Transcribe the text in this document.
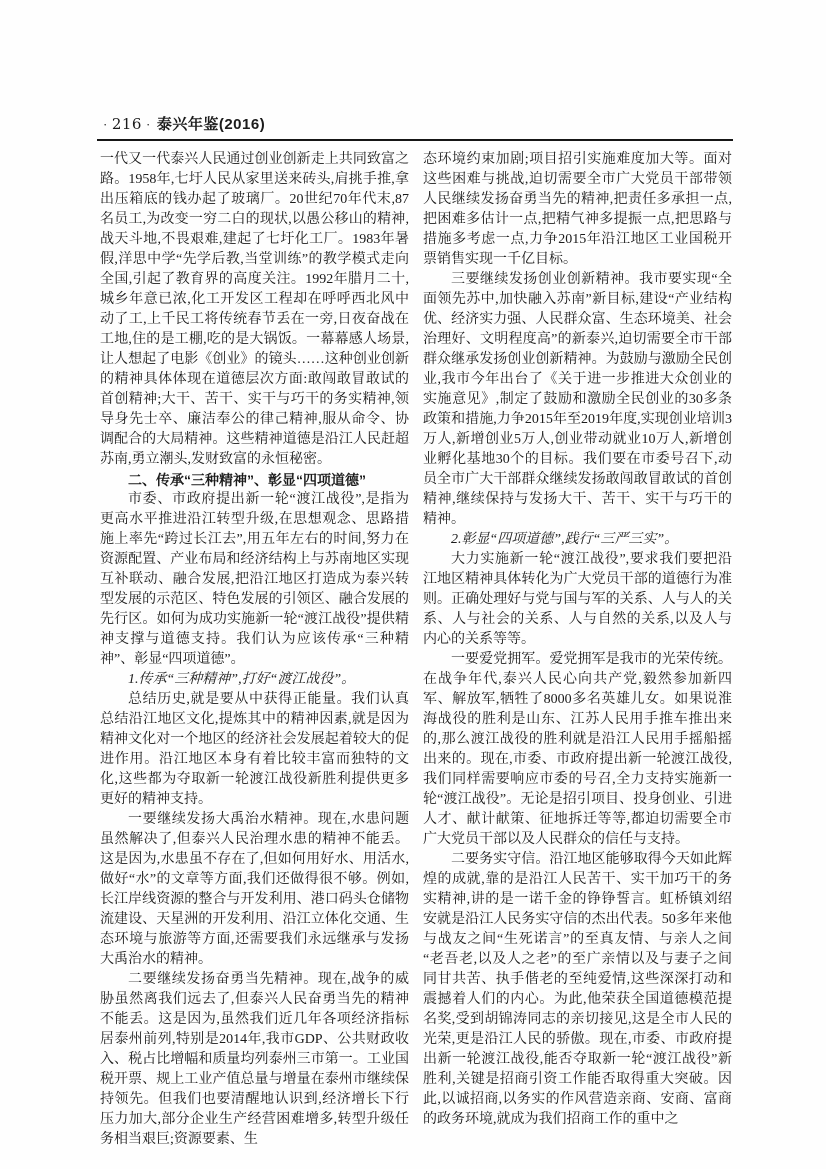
· 216 · 泰兴年鉴(2016)

一代又一代泰兴人民通过创业创新走上共同致富之路。1958年,七圩人民从家里送来砖头,肩挑手推,拿出压箱底的钱办起了玻璃厂。20世纪70年代末,87名员工,为改变一穷二白的现状,以愚公移山的精神,战天斗地,不畏艰难,建起了七圩化工厂。1983年暑假,洋思中学“先学后教,当堂训练”的教学模式走向全国,引起了教育界的高度关注。1992年腊月二十,城乡年意已浓,化工开发区工程却在呼呼西北风中动了工,上千民工将传统春节丢在一旁,日夜奋战在工地,住的是工棚,吃的是大锅饭。一幕幕感人场景,让人想起了电影《创业》的镜头……这种创业创新的精神具体体现在道德层次方面:敢闯敢冒敢试的首创精神;大干、苦干、实干与巧干的务实精神,领导身先士卒、廉洁奉公的律己精神,服从命令、协调配合的大局精神。这些精神道德是沿江人民赶超苏南,勇立潮头,发财致富的永恒秘密。

二、传承“三种精神”、彰显“四项道德”

市委、市政府提出新一轮“渡江战役”,是指为更高水平推进沿江转型升级,在思想观念、思路措施上率先“跨过长江去”,用五年左右的时间,努力在资源配置、产业布局和经济结构上与苏南地区实现互补联动、融合发展,把沿江地区打造成为泰兴转型发展的示范区、特色发展的引领区、融合发展的先行区。如何为成功实施新一轮“渡江战役”提供精神支撑与道德支持。我们认为应该传承“三种精神”、彰显“四项道德”。

1.传承“三种精神”,打好“渡江战役”。

总结历史,就是要从中获得正能量。我们认真总结沿江地区文化,提炼其中的精神因素,就是因为精神文化对一个地区的经济社会发展起着较大的促进作用。沿江地区本身有着比较丰富而独特的文化,这些都为夺取新一轮渡江战役新胜利提供更多更好的精神支持。

一要继续发扬大禹治水精神。现在,水患问题虽然解决了,但泰兴人民治理水患的精神不能丢。这是因为,水患虽不存在了,但如何用好水、用活水,做好“水”的文章等方面,我们还做得很不够。例如,长江岸线资源的整合与开发利用、港口码头仓储物流建设、天星洲的开发利用、沿江立体化交通、生态环境与旅游等方面,还需要我们永远继承与发扬大禹治水的精神。

二要继续发扬奋勇当先精神。现在,战争的威胁虽然离我们远去了,但泰兴人民奋勇当先的精神不能丢。这是因为,虽然我们近几年各项经济指标居泰州前列,特别是2014年,我市GDP、公共财政收入、税占比增幅和质量均列泰州三市第一。工业国税开票、规上工业产值总量与增量在泰州市继续保持领先。但我们也要清醒地认识到,经济增长下行压力加大,部分企业生产经营困难增多,转型升级任务相当艰巨;资源要素、生

态环境约束加剧;项目招引实施难度加大等。面对这些困难与挑战,迫切需要全市广大党员干部带领人民继续发扬奋勇当先的精神,把责任多承担一点,把困难多估计一点,把精气神多提振一点,把思路与措施多考虑一点,力争2015年沿江地区工业国税开票销售实现一千亿目标。

三要继续发扬创业创新精神。我市要实现“全面领先苏中,加快融入苏南”新目标,建设“产业结构优、经济实力强、人民群众富、生态环境美、社会治理好、文明程度高”的新泰兴,迫切需要全市干部群众继承发扬创业创新精神。为鼓励与激励全民创业,我市今年出台了《关于进一步推进大众创业的实施意见》,制定了鼓励和激励全民创业的30多条政策和措施,力争2015年至2019年度,实现创业培训3万人,新增创业5万人,创业带动就业10万人,新增创业孵化基地30个的目标。我们要在市委号召下,动员全市广大干部群众继续发扬敢闯敢冒敢试的首创精神,继续保持与发扬大干、苦干、实干与巧干的精神。

2.彰显“四项道德”,践行“三严三实”。

大力实施新一轮“渡江战役”,要求我们要把沿江地区精神具体转化为广大党员干部的道德行为准则。正确处理好与党与国与军的关系、人与人的关系、人与社会的关系、人与自然的关系,以及人与内心的关系等等。

一要爱党拥军。爱党拥军是我市的光荣传统。在战争年代,泰兴人民心向共产党,毅然参加新四军、解放军,牺牲了8000多名英雄儿女。如果说淮海战役的胜利是山东、江苏人民用手推车推出来的,那么渡江战役的胜利就是沿江人民用手摇船摇出来的。现在,市委、市政府提出新一轮渡江战役,我们同样需要响应市委的号召,全力支持实施新一轮“渡江战役”。无论是招引项目、投身创业、引进人才、献计献策、征地拆迁等等,都迫切需要全市广大党员干部以及人民群众的信任与支持。

二要务实守信。沿江地区能够取得今天如此辉煌的成就,靠的是沿江人民苦干、实干加巧干的务实精神,讲的是一诺千金的铮铮誓言。虹桥镇刘绍安就是沿江人民务实守信的杰出代表。50多年来他与战友之间“生死诺言”的至真友情、与亲人之间“老吾老,以及人之老”的至广亲情以及与妻子之间同甘共苦、执手偕老的至纯爱情,这些深深打动和震撼着人们的内心。为此,他荣获全国道德模范提名奖,受到胡锦涛同志的亲切接见,这是全市人民的光荣,更是沿江人民的骄傲。现在,市委、市政府提出新一轮渡江战役,能否夺取新一轮“渡江战役”新胜利,关键是招商引资工作能否取得重大突破。因此,以诚招商,以务实的作风营造亲商、安商、富商的政务环境,就成为我们招商工作的重中之
